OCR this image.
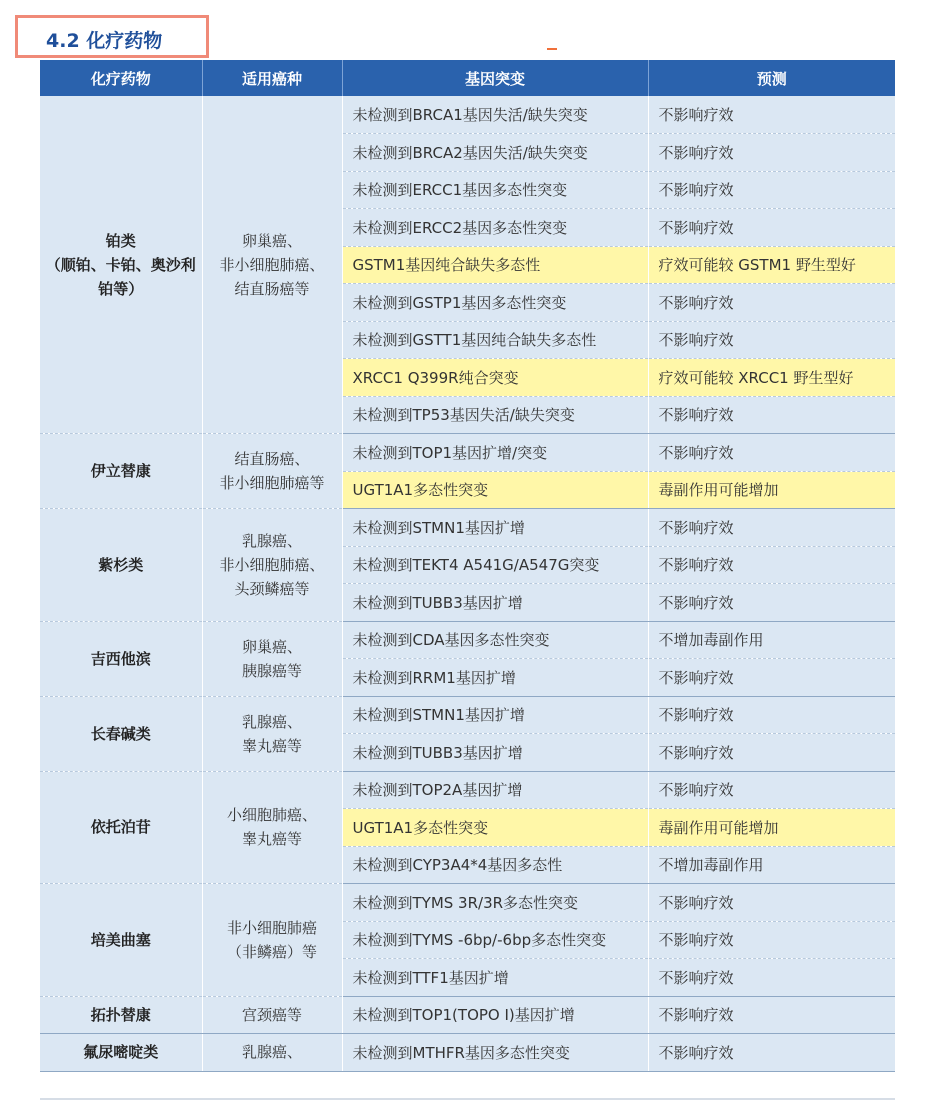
4.2 化疗药物
化疗药物	适用癌种	基因突变	预测
铂类
（顺铂、卡铂、奥沙利铂等）	卵巢癌、
非小细胞肺癌、
结直肠癌等	未检测到BRCA1基因失活/缺失突变	不影响疗效
		未检测到BRCA2基因失活/缺失突变	不影响疗效
		未检测到ERCC1基因多态性突变	不影响疗效
		未检测到ERCC2基因多态性突变	不影响疗效
		GSTM1基因纯合缺失多态性	疗效可能较 GSTM1 野生型好
		未检测到GSTP1基因多态性突变	不影响疗效
		未检测到GSTT1基因纯合缺失多态性	不影响疗效
		XRCC1 Q399R纯合突变	疗效可能较 XRCC1 野生型好
		未检测到TP53基因失活/缺失突变	不影响疗效
伊立替康	结直肠癌、
非小细胞肺癌等	未检测到TOP1基因扩增/突变	不影响疗效
		UGT1A1多态性突变	毒副作用可能增加
紫杉类	乳腺癌、
非小细胞肺癌、
头颈鳞癌等	未检测到STMN1基因扩增	不影响疗效
		未检测到TEKT4 A541G/A547G突变	不影响疗效
		未检测到TUBB3基因扩增	不影响疗效
吉西他滨	卵巢癌、
胰腺癌等	未检测到CDA基因多态性突变	不增加毒副作用
		未检测到RRM1基因扩增	不影响疗效
长春碱类	乳腺癌、
睾丸癌等	未检测到STMN1基因扩增	不影响疗效
		未检测到TUBB3基因扩增	不影响疗效
依托泊苷	小细胞肺癌、
睾丸癌等	未检测到TOP2A基因扩增	不影响疗效
		UGT1A1多态性突变	毒副作用可能增加
		未检测到CYP3A4*4基因多态性	不增加毒副作用
培美曲塞	非小细胞肺癌
（非鳞癌）等	未检测到TYMS 3R/3R多态性突变	不影响疗效
		未检测到TYMS -6bp/-6bp多态性突变	不影响疗效
		未检测到TTF1基因扩增	不影响疗效
拓扑替康	宫颈癌等	未检测到TOP1(TOPO I)基因扩增	不影响疗效
氟尿嘧啶类	乳腺癌、	未检测到MTHFR基因多态性突变	不影响疗效
